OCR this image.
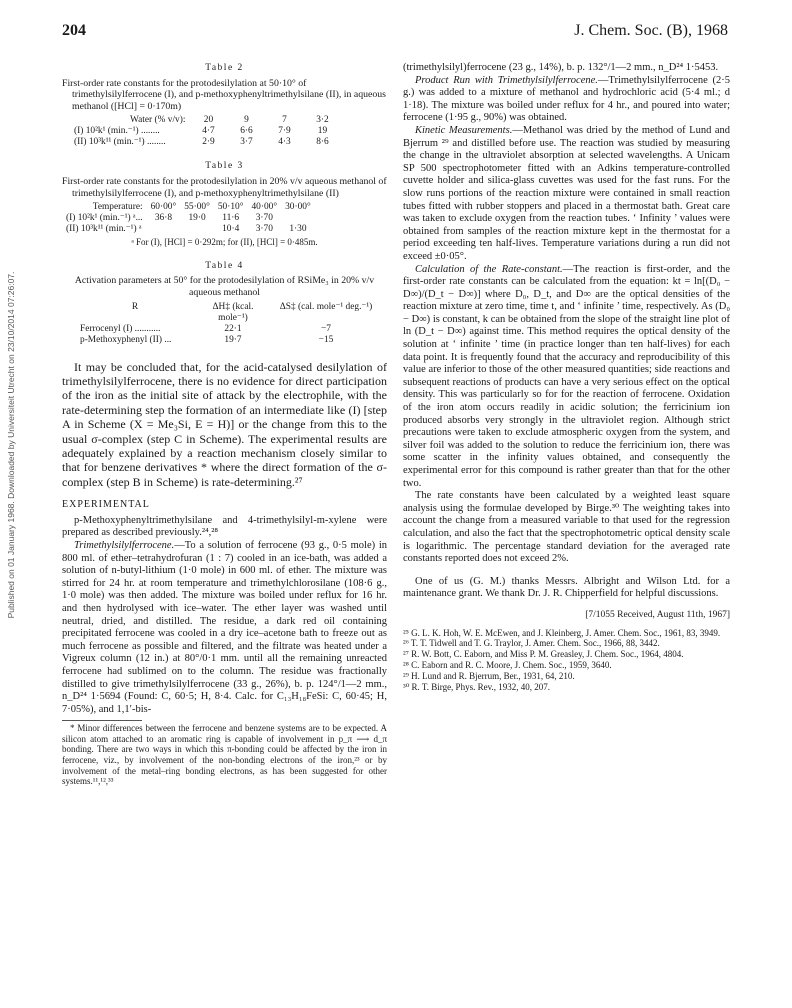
204	J. Chem. Soc. (B), 1968
Published on 01 January 1968. Downloaded by Universiteit Utrecht on 23/10/2014 07:26:07.

Table 2

First-order rate constants for the protodesilylation at 50·10° of trimethylsilylferrocene (I), and p-methoxyphenyltrimethylsilane (II), in aqueous methanol ([HCl] = 0·170m)

Water (% v/v):	20	9	7	3·2
(I) 10²k¹ (min.⁻¹) ........	4·7	6·6	7·9	19
(II) 10³k¹¹ (min.⁻¹) ........	2·9	3·7	4·3	8·6

Table 3

First-order rate constants for the protodesilylation in 20% v/v aqueous methanol of trimethylsilylferrocene (I), and p-methoxyphenyltrimethylsilane (II)

Temperature:	60·00°	55·00°	50·10°	40·00°	30·00°
(I) 10²k¹ (min.⁻¹) ᵃ...	36·8	19·0	11·6	3·70	
(II) 10³k¹¹ (min.⁻¹) ᵃ			10·4	3·70	1·30

ᵃ For (I), [HCl] = 0·292m; for (II), [HCl] = 0·485m.

Table 4

Activation parameters at 50° for the protodesilylation of RSiMe₃ in 20% v/v aqueous methanol

R	ΔH‡ (kcal. mole⁻¹)	ΔS‡ (cal. mole⁻¹ deg.⁻¹)
Ferrocenyl (I) ...........	22·1	−7
p-Methoxyphenyl (II) ...	19·7	−15

It may be concluded that, for the acid-catalysed desilylation of trimethylsilylferrocene, there is no evidence for direct participation of the iron as the initial site of attack by the electrophile, with the rate-determining step the formation of an intermediate like (I) [step A in Scheme (X = Me₃Si, E = H)] or the change from this to the usual σ-complex (step C in Scheme). The experimental results are adequately explained by a reaction mechanism closely similar to that for benzene derivatives * where the direct formation of the σ-complex (step B in Scheme) is rate-determining.²⁷

EXPERIMENTAL

p-Methoxyphenyltrimethylsilane and 4-trimethylsilyl-m-xylene were prepared as described previously.²⁴,²⁸

Trimethylsilylferrocene.—To a solution of ferrocene (93 g., 0·5 mole) in 800 ml. of ether–tetrahydrofuran (1 : 7) cooled in an ice-bath, was added a solution of n-butyl-lithium (1·0 mole) in 600 ml. of ether. The mixture was stirred for 24 hr. at room temperature and trimethylchlorosilane (108·6 g., 1·0 mole) was then added. The mixture was boiled under reflux for 16 hr. and then hydrolysed with ice–water. The ether layer was washed until neutral, dried, and distilled. The residue, a dark red oil containing precipitated ferrocene was cooled in a dry ice–acetone bath to freeze out as much ferrocene as possible and filtered, and the filtrate was heated under a Vigreux column (12 in.) at 80°/0·1 mm. until all the remaining unreacted ferrocene had sublimed on to the column. The residue was fractionally distilled to give trimethylsilylferrocene (33 g., 26%), b. p. 124°/1—2 mm., n_D²⁴ 1·5694 (Found: C, 60·5; H, 8·4. Calc. for C₁₃H₁₈FeSi: C, 60·45; H, 7·05%), and 1,1′-bis-

* Minor differences between the ferrocene and benzene systems are to be expected. A silicon atom attached to an aromatic ring is capable of involvement in p_π ⟶ d_π bonding. There are two ways in which this π-bonding could be affected by the iron in ferrocene, viz., by involvement of the non-bonding electrons of the iron,²³ or by involvement of the metal–ring bonding electrons, as has been suggested for other systems.¹¹,¹²,³³

(trimethylsilyl)ferrocene (23 g., 14%), b. p. 132°/1—2 mm., n_D²⁴ 1·5453.

Product Run with Trimethylsilylferrocene.—Trimethylsilylferrocene (2·5 g.) was added to a mixture of methanol and hydrochloric acid (5·4 ml.; d 1·18). The mixture was boiled under reflux for 4 hr., and poured into water; ferrocene (1·95 g., 90%) was obtained.

Kinetic Measurements.—Methanol was dried by the method of Lund and Bjerrum ²⁹ and distilled before use. The reaction was studied by measuring the change in the ultraviolet absorption at selected wavelengths. A Unicam SP 500 spectrophotometer fitted with an Adkins temperature-controlled cuvette holder and silica-glass cuvettes was used for the fast runs. For the slow runs portions of the reaction mixture were contained in small reaction tubes fitted with rubber stoppers and placed in a thermostat bath. Great care was taken to exclude oxygen from the reaction tubes. ‘ Infinity ’ values were obtained from samples of the reaction mixture kept in the thermostat for a period exceeding ten half-lives. Temperature variations during a run did not exceed ±0·05°.

Calculation of the Rate-constant.—The reaction is first-order, and the first-order rate constants can be calculated from the equation: kt = ln[(D₀ − D∞)/(D_t − D∞)] where D₀, D_t, and D∞ are the optical densities of the reaction mixture at zero time, time t, and ‘ infinite ’ time, respectively. As (D₀ − D∞) is constant, k can be obtained from the slope of the straight line plot of ln (D_t − D∞) against time. This method requires the optical density of the solution at ‘ infinite ’ time (in practice longer than ten half-lives) for each data point. It is frequently found that the accuracy and reproducibility of this value are inferior to those of the other measured quantities; side reactions and subsequent reactions of products can have a very serious effect on the optical density. This was particularly so for for the reaction of ferrocene. Oxidation of the iron atom occurs readily in acidic solution; the ferricinium ion produced absorbs very strongly in the ultraviolet region. Although strict precautions were taken to exclude atmospheric oxygen from the system, and silver foil was added to the solution to reduce the ferricinium ion, there was some scatter in the infinity values obtained, and consequently the experimental error for this compound is rather greater than that for the other two.

The rate constants have been calculated by a weighted least square analysis using the formulae developed by Birge.³⁰ The weighting takes into account the change from a measured variable to that used for the regression calculation, and also the fact that the spectrophotometric optical density scale is logarithmic. The percentage standard deviation for the averaged rate constants reported does not exceed 2%.

One of us (G. M.) thanks Messrs. Albright and Wilson Ltd. for a maintenance grant. We thank Dr. J. R. Chipperfield for helpful discussions.

[7/1055 Received, August 11th, 1967]

²⁵ G. L. K. Hoh, W. E. McEwen, and J. Kleinberg, J. Amer. Chem. Soc., 1961, 83, 3949.

²⁶ T. T. Tidwell and T. G. Traylor, J. Amer. Chem. Soc., 1966, 88, 3442.

²⁷ R. W. Bott, C. Eaborn, and Miss P. M. Greasley, J. Chem. Soc., 1964, 4804.

²⁸ C. Eaborn and R. C. Moore, J. Chem. Soc., 1959, 3640.

²⁹ H. Lund and R. Bjerrum, Ber., 1931, 64, 210.

³⁰ R. T. Birge, Phys. Rev., 1932, 40, 207.
